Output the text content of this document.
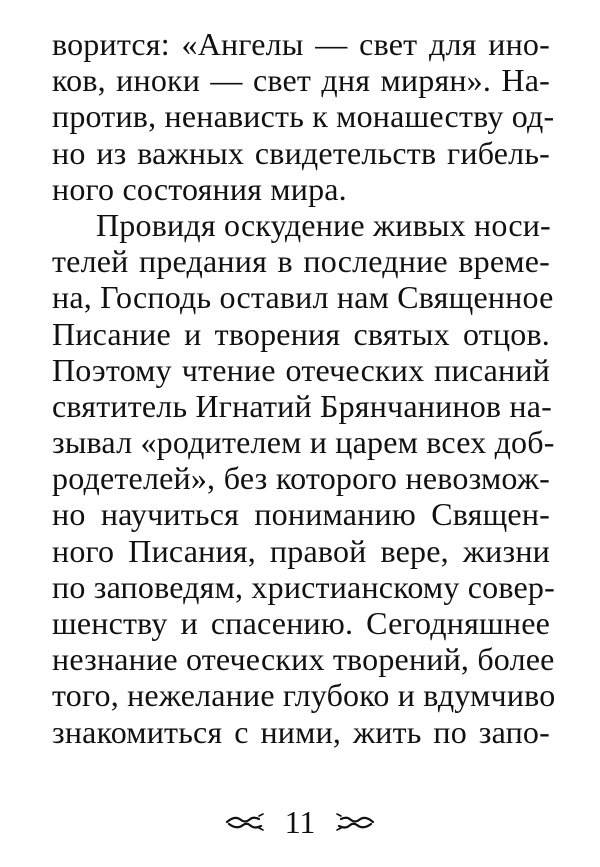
ворится: «Ангелы — свет для ино-
ков, иноки — свет дня мирян». На-
против, ненависть к монашеству од-
но из важных свидетельств гибель-
ного состояния мира.
Провидя оскудение живых носи-
телей предания в последние време-
на, Господь оставил нам Священное
Писание и творения святых отцов.
Поэтому чтение отеческих писаний
святитель Игнатий Брянчанинов на-
зывал «родителем и царем всех доб-
родетелей», без которого невозмож-
но научиться пониманию Священ-
ного Писания, правой вере, жизни
по заповедям, христианскому совер-
шенству и спасению. Сегодняшнее
незнание отеческих творений, более
того, нежелание глубоко и вдумчиво
знакомиться с ними, жить по запо-
11
